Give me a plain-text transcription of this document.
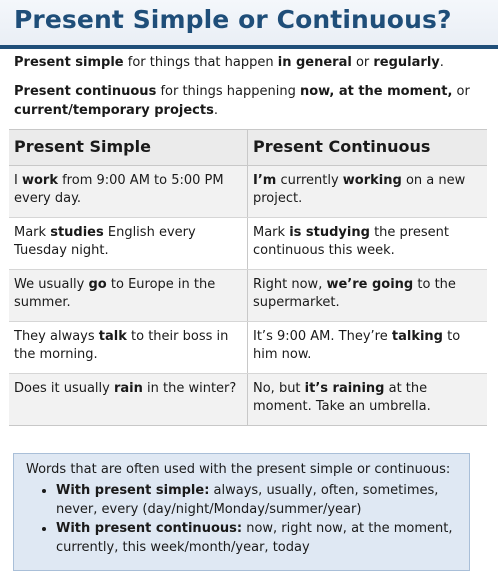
Present Simple or Continuous?

Present simple for things that happen in general or regularly.

Present continuous for things happening now, at the moment, or current/temporary projects.

Present Simple	Present Continuous
I work from 9:00 AM to 5:00 PM every day.
I’m currently working on a new project.
Mark studies English every Tuesday night.
Mark is studying the present continuous this week.
We usually go to Europe in the summer.
Right now, we’re going to the supermarket.
They always talk to their boss in the morning.
It’s 9:00 AM. They’re talking to him now.
Does it usually rain in the winter?	No, but it’s raining at the moment. Take an umbrella.
Words that are often used with the present simple or continuous:
• With present simple: always, usually, often, sometimes, never, every (day/night/Monday/summer/year)
• With present continuous: now, right now, at the moment, currently, this week/month/year, today
